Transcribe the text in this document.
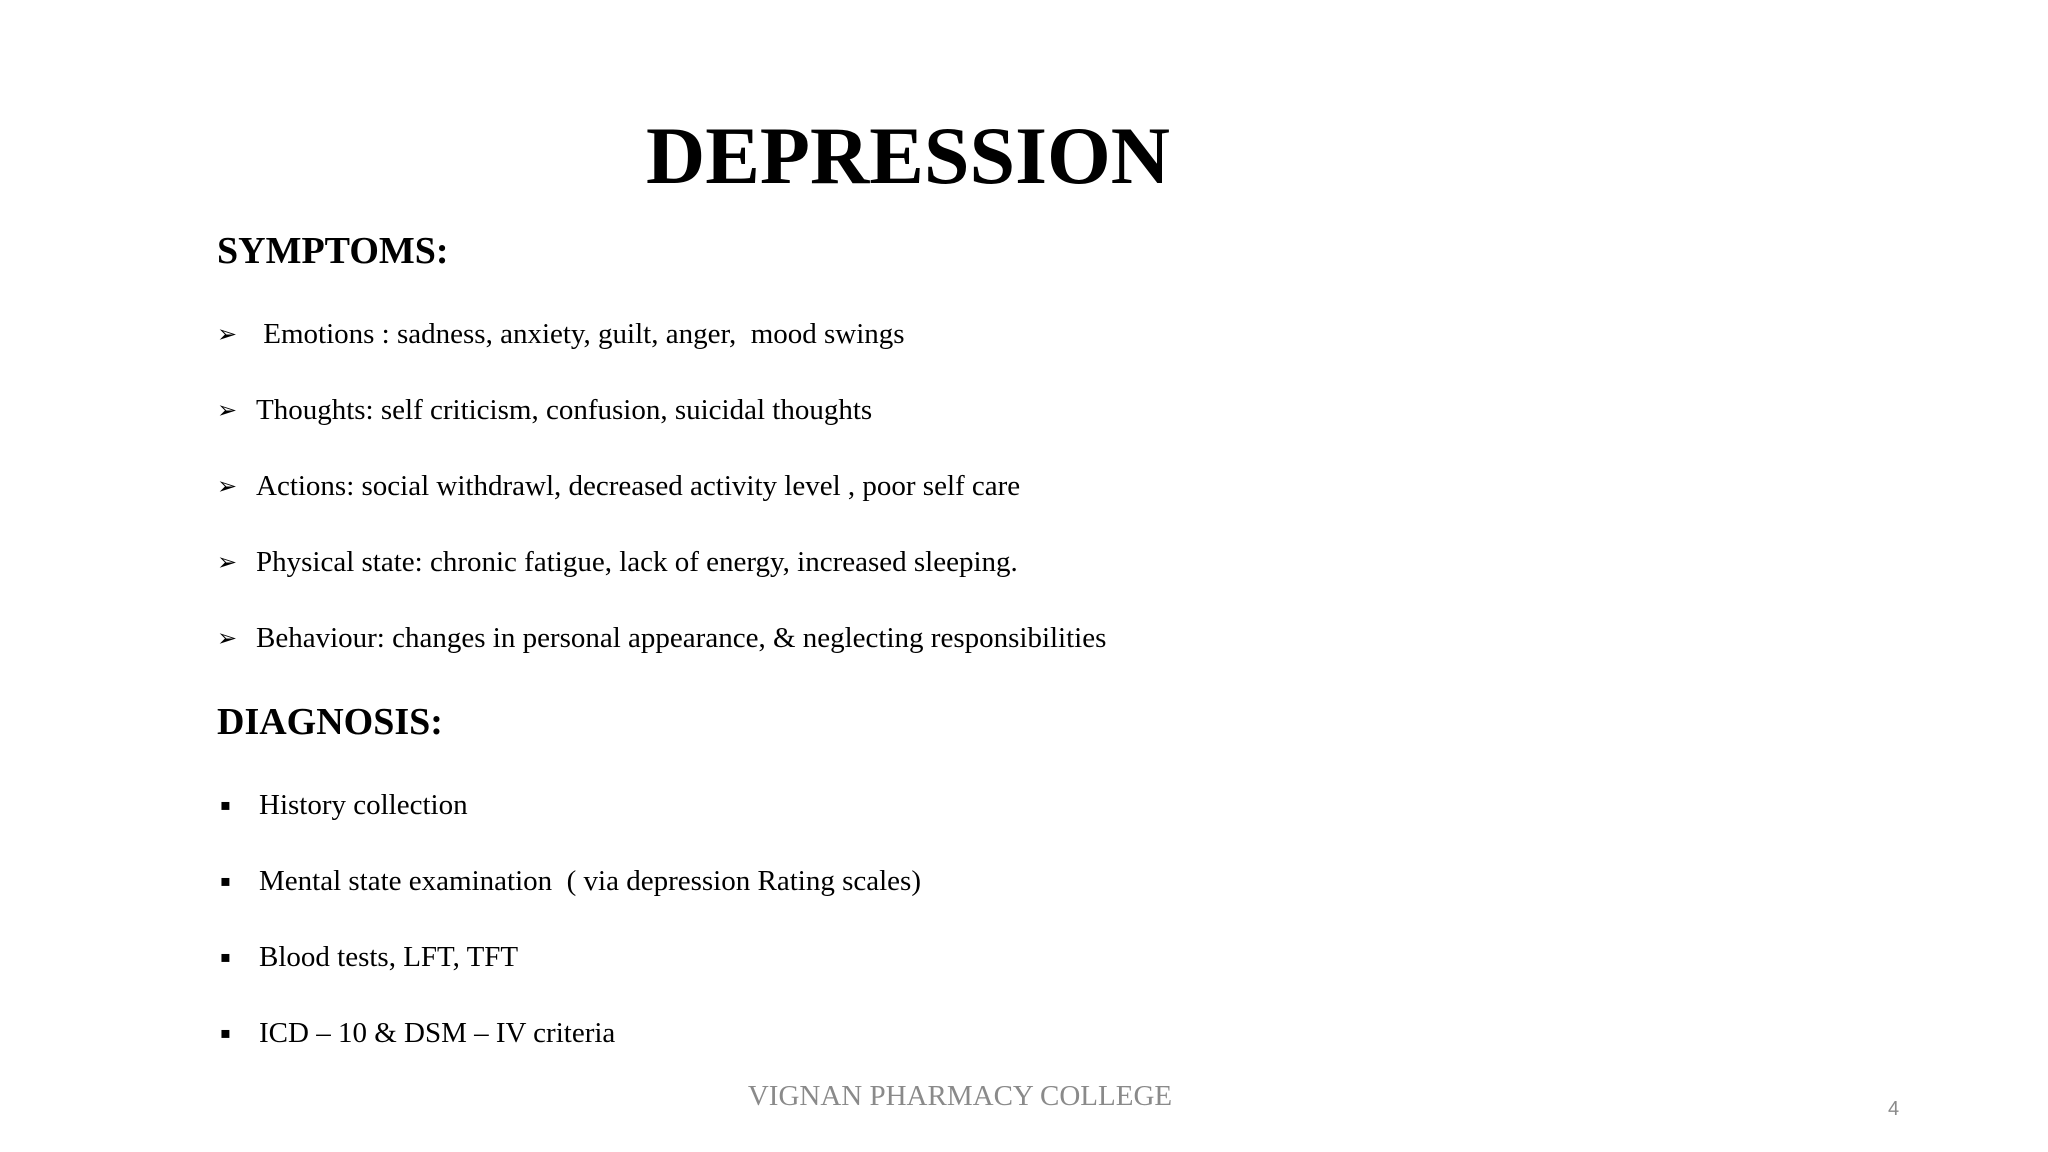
DEPRESSION
SYMPTOMS:
➢ Emotions : sadness, anxiety, guilt, anger,  mood swings
➢ Thoughts: self criticism, confusion, suicidal thoughts
➢ Actions: social withdrawl, decreased activity level , poor self care
➢ Physical state: chronic fatigue, lack of energy, increased sleeping.
➢ Behaviour: changes in personal appearance, & neglecting responsibilities
DIAGNOSIS:
▪ History collection
▪ Mental state examination  ( via depression Rating scales)
▪ Blood tests, LFT, TFT
▪ ICD – 10 & DSM – IV criteria
VIGNAN PHARMACY COLLEGE	4
